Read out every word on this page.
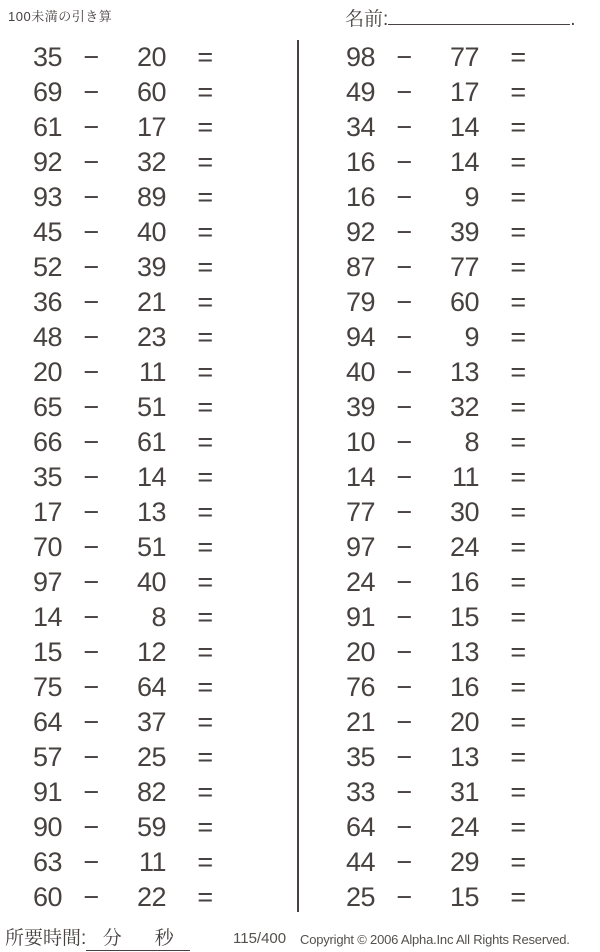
100未満の引き算	名前:	.
35 −	20	=
69 −	60	=
61 −	17	=
92 −	32	=
93 −	89	=
45 −	40	=
52 −	39	=
36 −	21	=
48 −	23	=
20 −	11	=
65 −	51	=
66 −	61	=
35 −	14	=
17 −	13	=
70 −	51	=
97 −	40	=
14 −	8	=
15 −	12	=
75 −	64	=
64 −	37	=
57 −	25	=
91 −	82	=
90 −	59	=
63 −	11	=
60 −	22	=
98 −	77	=
49 −	17	=
34 −	14	=
16 −	14	=
16 −	9	=
92 −	39	=
87 −	77	=
79 −	60	=
94 −	9	=
40 −	13	=
39 −	32	=
10 −	8	=
14 −	11	=
77 −	30	=
97 −	24	=
24 −	16	=
91 −	15	=
20 −	13	=
76 −	16	=
21 −	20	=
35 −	13	=
33 −	31	=
64 −	24	=
44 −	29	=
25 −	15	=
所要時間: 分 秒	115/400 Copyright © 2006 Alpha.Inc All Rights Reserved.
